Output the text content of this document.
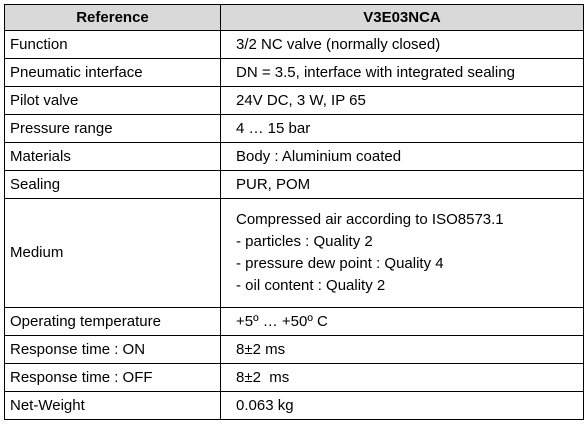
Reference	V3E03NCA
Function	3/2 NC valve (normally closed)
Pneumatic interface	DN = 3.5, interface with integrated sealing
Pilot valve	24V DC, 3 W, IP 65
Pressure range	4 … 15 bar
Materials	Body : Aluminium coated
Sealing	PUR, POM
Medium	Compressed air according to ISO8573.1
- particles : Quality 2
- pressure dew point : Quality 4
- oil content : Quality 2

Operating temperature	+5º … +50º C
Response time : ON	8±2 ms
Response time : OFF	8±2  ms
Net-Weight	0.063 kg
